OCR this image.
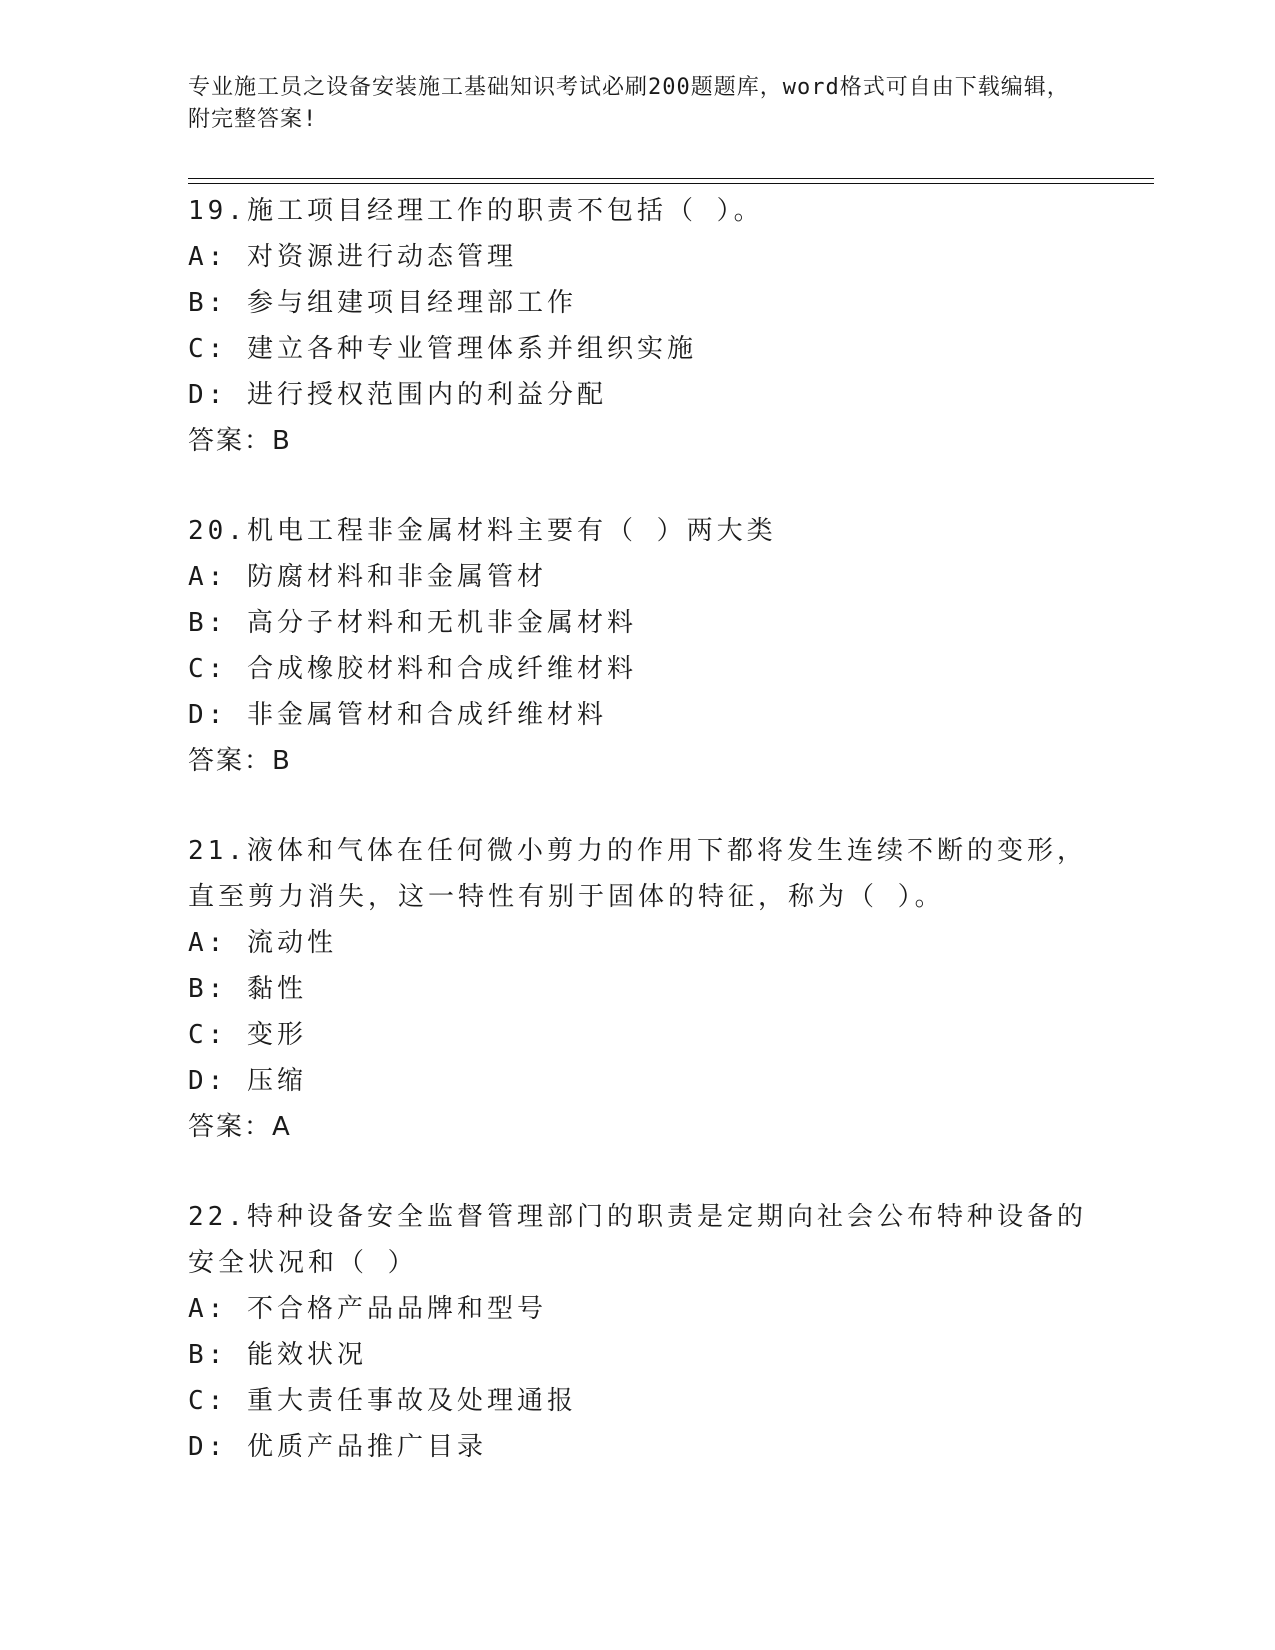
专业施工员之设备安装施工基础知识考试必刷200题题库，word格式可自由下载编辑，附完整答案!

19.施工项目经理工作的职责不包括（ ）。

A: 对资源进行动态管理

B: 参与组建项目经理部工作

C: 建立各种专业管理体系并组织实施

D: 进行授权范围内的利益分配

答案：B

20.机电工程非金属材料主要有（ ）两大类

A: 防腐材料和非金属管材

B: 高分子材料和无机非金属材料

C: 合成橡胶材料和合成纤维材料

D: 非金属管材和合成纤维材料

答案：B

21.液体和气体在任何微小剪力的作用下都将发生连续不断的变形，直至剪力消失，这一特性有别于固体的特征，称为（ ）。

A: 流动性

B: 黏性

C: 变形

D: 压缩

答案：A

22.特种设备安全监督管理部门的职责是定期向社会公布特种设备的安全状况和（ ）

A: 不合格产品品牌和型号

B: 能效状况

C: 重大责任事故及处理通报

D: 优质产品推广目录
